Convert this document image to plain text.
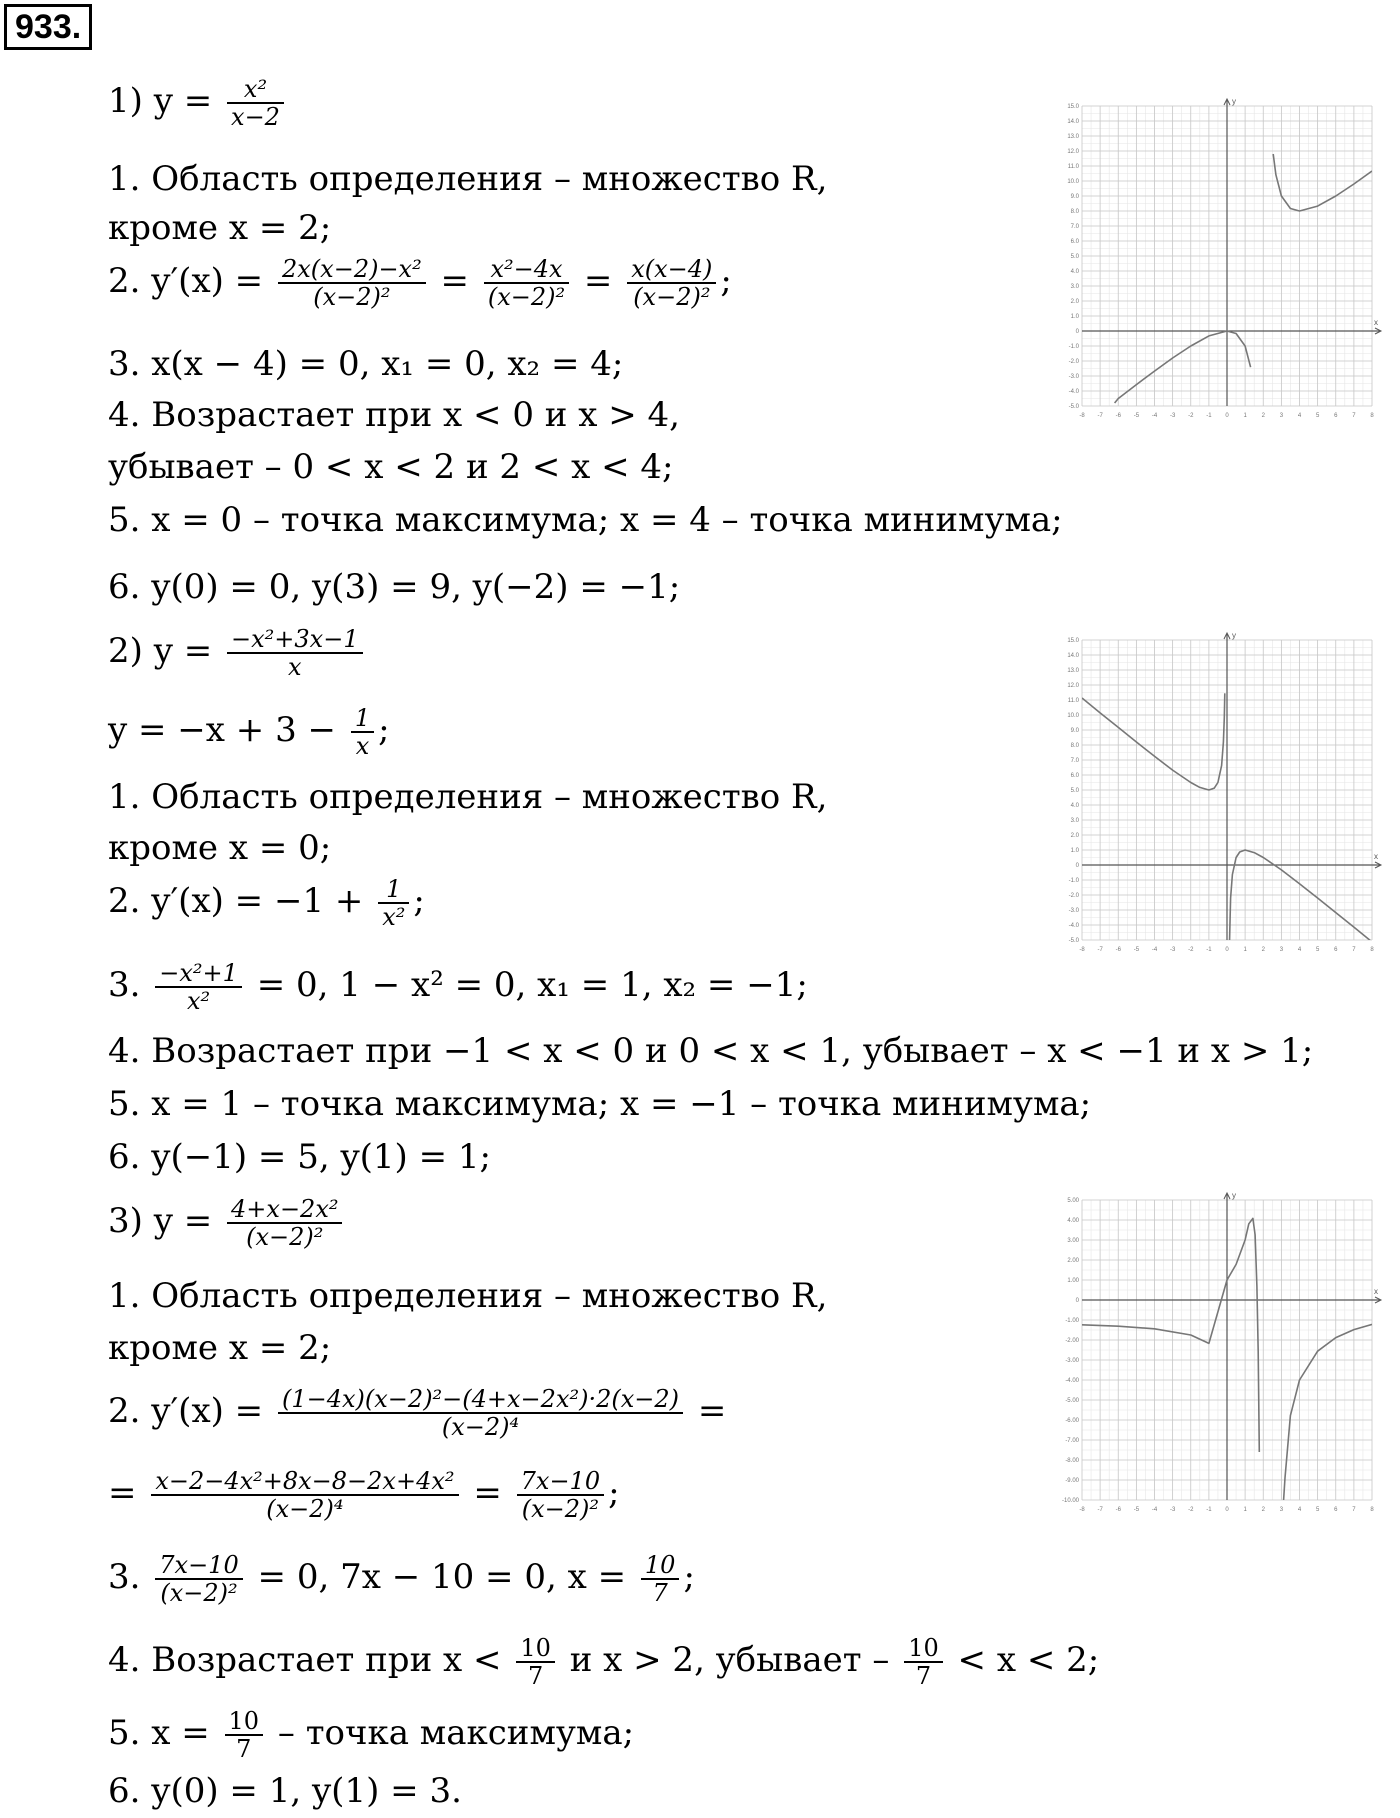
933.
1) $y = \frac{\text{x²}}{x-2}$
1. Область определения – множество R,
кроме x = 2;
2. $y'(x) = \frac{\text{2x(x−2)−x²}}{\text{(x−2)²}} = \frac{\text{x²−4x}}{\text{(x−2)²}} = \frac{x(x-4)}{\text{(x−2)²}}$ ;
3. x(x − 4) = 0, x₁ = 0, x₂ = 4;
4. Возрастает при x < 0 и x > 4,
убывает – 0 < x < 2 и 2 < x < 4;
5. x = 0 – точка максимума; x = 4 – точка минимума;
6. y(0) = 0, y(3) = 9, y(−2) = −1;
2) $y = \frac{\text{−x²+3x−1}}{x}$
$y = -x + 3 - \frac{1}{x}$ ;
1. Область определения – множество R,
кроме x = 0;
2. $y'(x) = -1 + \frac{1}{\text{x²}}$ ;
3. $\frac{\text{−x²+1}}{\text{x²}} = 0$, 1 − x² = 0, x₁ = 1, x₂ = −1;
4. Возрастает при −1 < x < 0 и 0 < x < 1, убывает – x < −1 и x > 1;
5. x = 1 – точка максимума; x = −1 – точка минимума;
6. y(−1) = 5, y(1) = 1;
3) $y = \frac{\text{4+x−2x²}}{\text{(x−2)²}}$
1. Область определения – множество R,
кроме x = 2;
2. $y'(x) = \frac{\text{(1−4x)(x−2)²−(4+x−2x²)·2(x−2)}}{\text{(x−2)⁴}}$ =
= $\frac{\text{x−2−4x²+8x−8−2x+4x²}}{\text{(x−2)⁴}} = \frac{7x-10}{\text{(x−2)²}}$ ;
3. $\frac{7x-10}{\text{(x−2)²}} = 0$, 7x − 10 = 0, $x = \frac{10}{7}$ ;
4. Возрастает при $x < \frac{10}{7}$ и x > 2, убывает – $\frac{10}{7} < x < 2$;
5. $x = \frac{10}{7}$ – точка максимума;
6. y(0) = 1, y(1) = 3.
x
y
-8 -7 -6 -5 -4 -3 -2 -1 0 1 2 3 4 5 6 7 8
-5.0
-4.0
-3.0
-2.0
-1.0
0
1.0
2.0
3.0
4.0
5.0
6.0
7.0
8.0
9.0
10.0
11.0
12.0
13.0
14.0
15.0
x
y
-8 -7 -6 -5 -4 -3 -2 -1 0 1 2 3 4 5 6 7 8
-5.0
-4.0
-3.0
-2.0
-1.0
0
1.0
2.0
3.0
4.0
5.0
6.0
7.0
8.0
9.0
10.0
11.0
12.0
13.0
14.0
15.0
x
y
-8 -7 -6 -5 -4 -3 -2 -1 0 1 2 3 4 5 6 7 8
-10.00
-9.00
-8.00
-7.00
-6.00
-5.00
-4.00
-3.00
-2.00
-1.00
0
1.00
2.00
3.00
4.00
5.00
